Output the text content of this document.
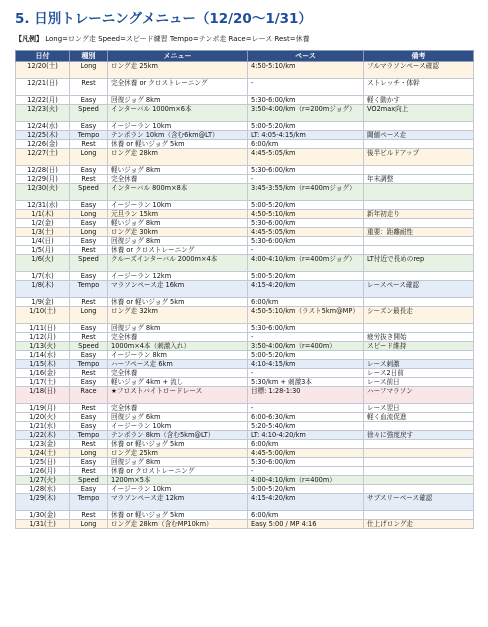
5. 日別トレーニングメニュー（12/20〜1/31）
【凡例】 Long=ロング走 Speed=スピード練習 Tempo=テンポ走 Race=レース Rest=休養
日付	種別	メニュー	ペース	備考
12/20(土)	Long	ロング走 25km	4:50-5:10/km	フルマラソンペース確認
12/21(日)	Rest	完全休養 or クロストレーニング	-	ストレッチ・体幹
12/22(月)	Easy	回復ジョグ 8km	5:30-6:00/km	軽く動かす
12/23(火)	Speed	インターバル 1000m×6本	3:50-4:00/km（r=200mジョグ）	VO2max向上
12/24(水)	Easy	イージーラン 10km	5:00-5:20/km	
12/25(木)	Tempo	テンポラン 10km（含む6km@LT）	LT: 4:05-4:15/km	閾値ペース走
12/26(金)	Rest	休養 or 軽いジョグ 5km	6:00/km	
12/27(土)	Long	ロング走 28km	4:45-5:05/km	後半ビルドアップ
12/28(日)	Easy	軽いジョグ 8km	5:30-6:00/km	
12/29(月)	Rest	完全休養	-	年末調整
12/30(火)	Speed	インターバル 800m×8本	3:45-3:55/km（r=400mジョグ）	
12/31(水)	Easy	イージーラン 10km	5:00-5:20/km	
1/1(木)	Long	元旦ラン 15km	4:50-5:10/km	新年初走り
1/2(金)	Easy	軽いジョグ 8km	5:30-6:00/km	
1/3(土)	Long	ロング走 30km	4:45-5:05/km	重要：距離耐性
1/4(日)	Easy	回復ジョグ 8km	5:30-6:00/km	
1/5(月)	Rest	休養 or クロストレーニング	-	
1/6(火)	Speed	クルーズインターバル 2000m×4本	4:00-4:10/km（r=400mジョグ）	LT付近で長めのrep
1/7(水)	Easy	イージーラン 12km	5:00-5:20/km	
1/8(木)	Tempo	マラソンペース走 16km	4:15-4:20/km	レースペース確認
1/9(金)	Rest	休養 or 軽いジョグ 5km	6:00/km	
1/10(土)	Long	ロング走 32km	4:50-5:10/km（ラスト5km@MP）	シーズン最長走
1/11(日)	Easy	回復ジョグ 8km	5:30-6:00/km	
1/12(月)	Rest	完全休養	-	疲労抜き開始
1/13(火)	Speed	1000m×4本（刺激入れ）	3:50-4:00/km（r=400m）	スピード維持
1/14(水)	Easy	イージーラン 8km	5:00-5:20/km	
1/15(木)	Tempo	ハーフペース走 6km	4:10-4:15/km	レース刺激
1/16(金)	Rest	完全休養	-	レース2日前
1/17(土)	Easy	軽いジョグ 4km + 流し	5:30/km + 刺激3本	レース前日
1/18(日)	Race	★フロストバイトロードレース	目標: 1:28-1:30	ハーフマラソン
1/19(月)	Rest	完全休養	-	レース翌日
1/20(火)	Easy	回復ジョグ 6km	6:00-6:30/km	軽く血流促進
1/21(水)	Easy	イージーラン 10km	5:20-5:40/km	
1/22(木)	Tempo	テンポラン 8km（含む5km@LT）	LT: 4:10-4:20/km	徐々に強度戻す
1/23(金)	Rest	休養 or 軽いジョグ 5km	6:00/km	
1/24(土)	Long	ロング走 25km	4:45-5:00/km	
1/25(日)	Easy	回復ジョグ 8km	5:30-6:00/km	
1/26(月)	Rest	休養 or クロストレーニング	-	
1/27(火)	Speed	1200m×5本	4:00-4:10/km（r=400m）	
1/28(水)	Easy	イージーラン 10km	5:00-5:20/km	
1/29(木)	Tempo	マラソンペース走 12km	4:15-4:20/km	サブスリーペース確認
1/30(金)	Rest	休養 or 軽いジョグ 5km	6:00/km	
1/31(土)	Long	ロング走 28km（含むMP10km）	Easy 5:00 / MP 4:16	仕上げロング走
